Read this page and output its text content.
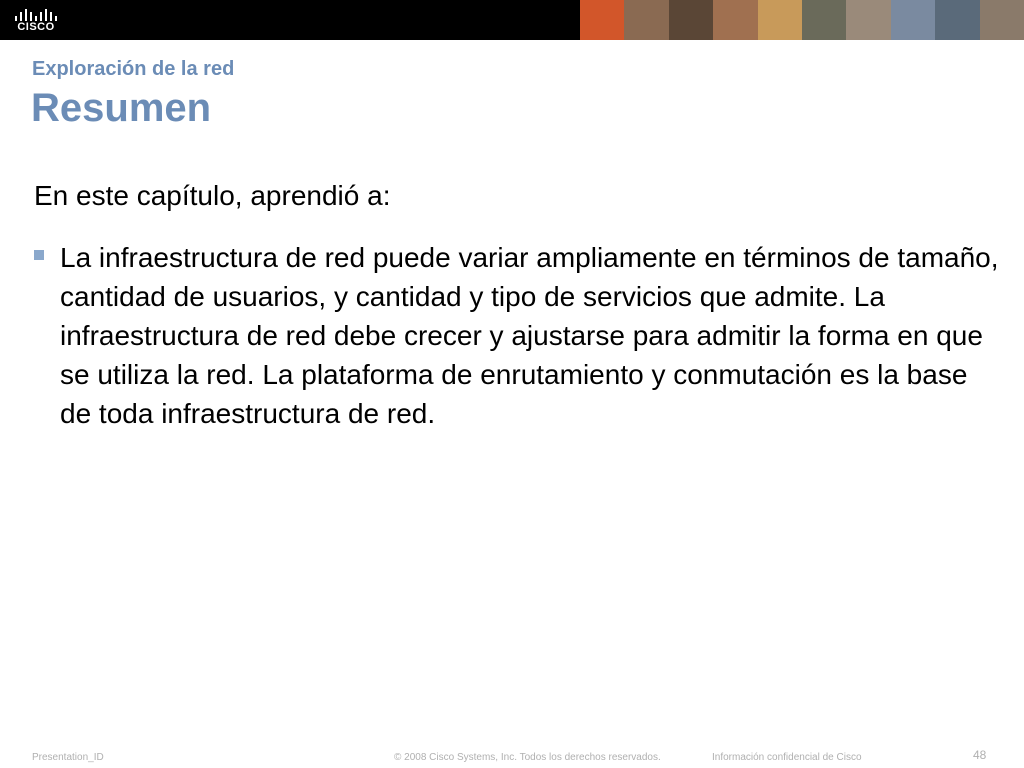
CISCO
Exploración de la red
Resumen
En este capítulo, aprendió a:
La infraestructura de red puede variar ampliamente en términos de tamaño, cantidad de usuarios, y cantidad y tipo de servicios que admite. La infraestructura de red debe crecer y ajustarse para admitir la forma en que se utiliza la red. La plataforma de enrutamiento y conmutación es la base de toda infraestructura de red.
Presentation_ID	© 2008 Cisco Systems, Inc. Todos los derechos reservados.	Información confidencial de Cisco	48
